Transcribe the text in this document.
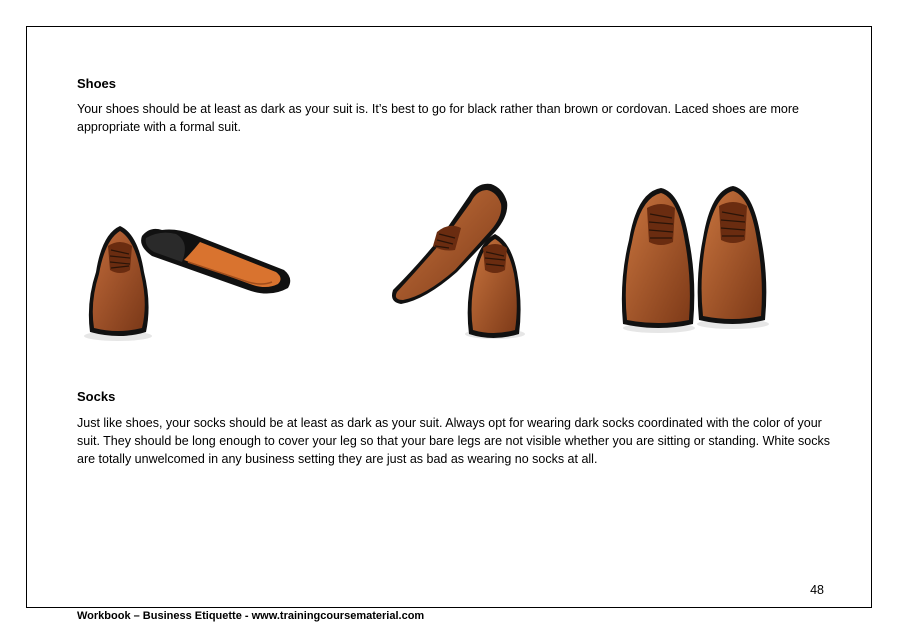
Shoes

Your shoes should be at least as dark as your suit is. It’s best to go for black rather than brown or cordovan. Laced shoes are more appropriate with a formal suit.

Socks

Just like shoes, your socks should be at least as dark as your suit. Always opt for wearing dark socks coordinated with the color of your suit. They should be long enough to cover your leg so that your bare legs are not visible whether you are sitting or standing. White socks are totally unwelcomed in any business setting they are just as bad as wearing no socks at all.

48
Workbook – Business Etiquette - www.trainingcoursematerial.com
